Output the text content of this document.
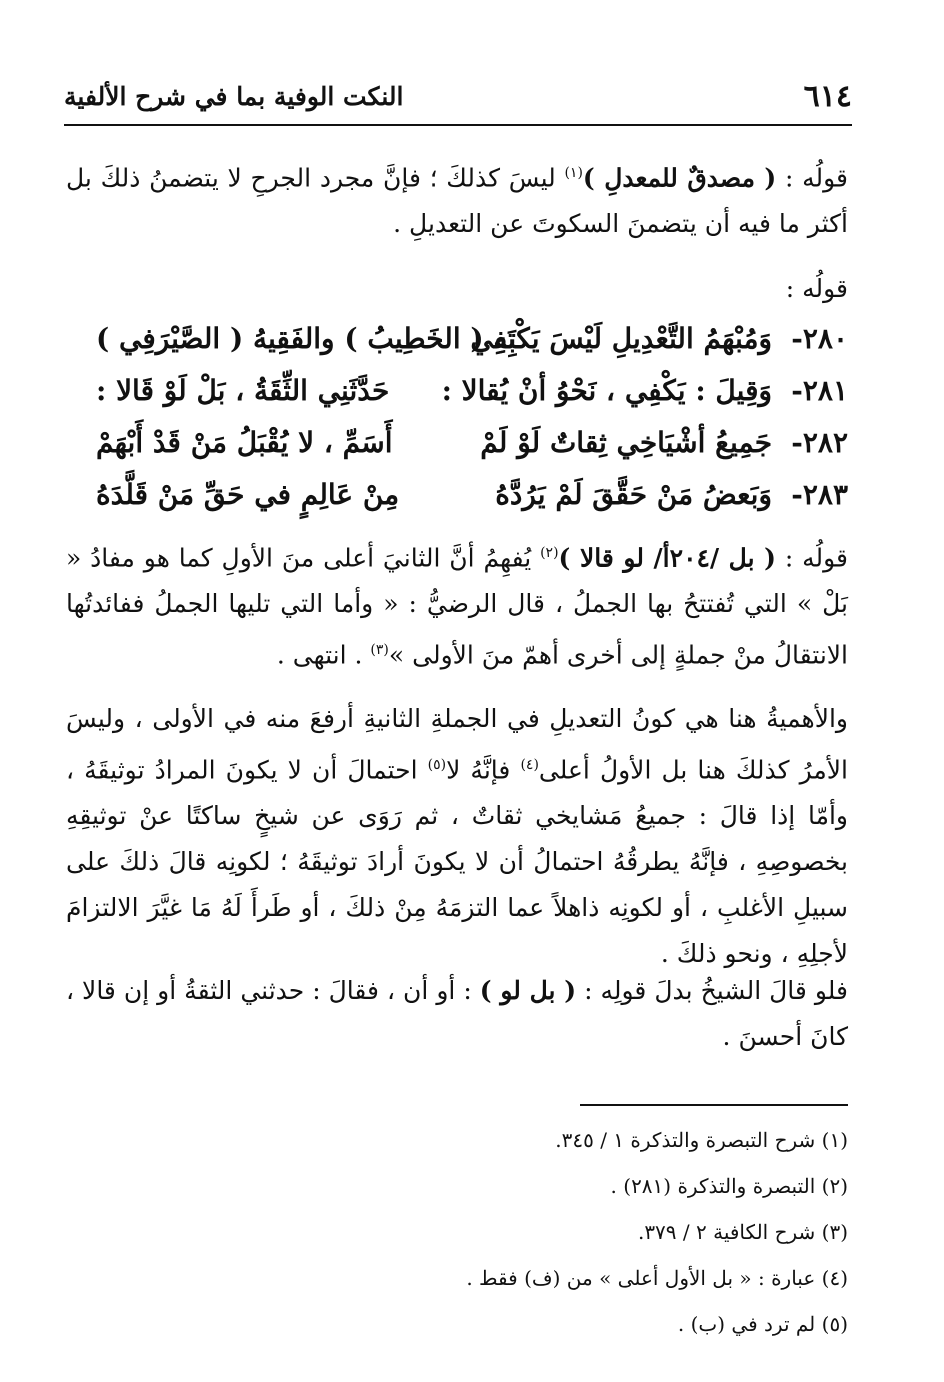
٦١٤
النكت الوفية بما في شرح الألفية
قولُه : ( مصدقٌ للمعدلِ )$^{(١)}$ ليسَ كذلكَ ؛ فإنَّ مجرد الجرحِ لا يتضمنُ ذلكَ بل أكثر ما فيه أن يتضمنَ السكوتَ عن التعديلِ .
قولُه :
٢٨٠-
وَمُبْهَمُ التَّعْدِيلِ لَيْسَ يَكْتَفِي
بِهِ ( الخَطِيبُ ) والفَقِيهُ ( الصَّيْرَفِي )
٢٨١-
وَقِيلَ : يَكْفِي ، نَحْوُ أنْ يُقالا :
حَدَّثَنِي الثِّقَةُ ، بَلْ لَوْ قَالا :
٢٨٢-
جَمِيعُ أشْيَاخِي ثِقاتٌ لَوْ لَمْ
أَسَمِّ ، لا يُقْبَلُ مَنْ قَدْ أَبْهَمْ
٢٨٣-
وَبَعضُ مَنْ حَقَّقَ لَمْ يَرُدَّهُ
مِنْ عَالِمٍ في حَقِّ مَنْ قَلَّدَهُ
قولُه : ( بل /٢٠٤أ/ لو قالا )$^{(٢)}$ يُفهِمُ أنَّ الثانيَ أعلى منَ الأولِ كما هو مفادُ « بَلْ » التي تُفتتحُ بها الجملُ ، قال الرضيُّ : « وأما التي تليها الجملُ ففائدتُها الانتقالُ منْ جملةٍ إلى أخرى أهمّ منَ الأولى »$^{(٣)}$ . انتهى .
والأهميةُ هنا هي كونُ التعديلِ في الجملةِ الثانيةِ أرفعَ منه في الأولى ، وليسَ الأمرُ كذلكَ هنا بل الأولُ أعلى$^{(٤)}$ فإنَّهُ لا$^{(٥)}$ احتمالَ أن لا يكونَ المرادُ توثيقَهُ ، وأمّا إذا قالَ : جميعُ مَشايخي ثقاتٌ ، ثم رَوَى عن شيخٍ ساكتًا عنْ توثيقِهِ بخصوصِهِ ، فإنَّهُ يطرقُهُ احتمالُ أن لا يكونَ أرادَ توثيقَهُ ؛ لكونِه قالَ ذلكَ على سبيلِ الأغلبِ ، أو لكونِه ذاهلاً عما التزمَهُ مِنْ ذلكَ ، أو طَرأَ لَهُ مَا غيَّرَ الالتزامَ لأجلِهِ ، ونحو ذلكَ .
فلو قالَ الشيخُ بدلَ قولِه : ( بل لو ) : أو أن ، فقالَ : حدثني الثقةُ أو إن قالا ، كانَ أحسنَ .
(١) شرح التبصرة والتذكرة ١ / ٣٤٥.
(٢) التبصرة والتذكرة (٢٨١) .
(٣) شرح الكافية ٢ / ٣٧٩.
(٤) عبارة : « بل الأول أعلى » من (ف) فقط .
(٥) لم ترد في (ب) .
